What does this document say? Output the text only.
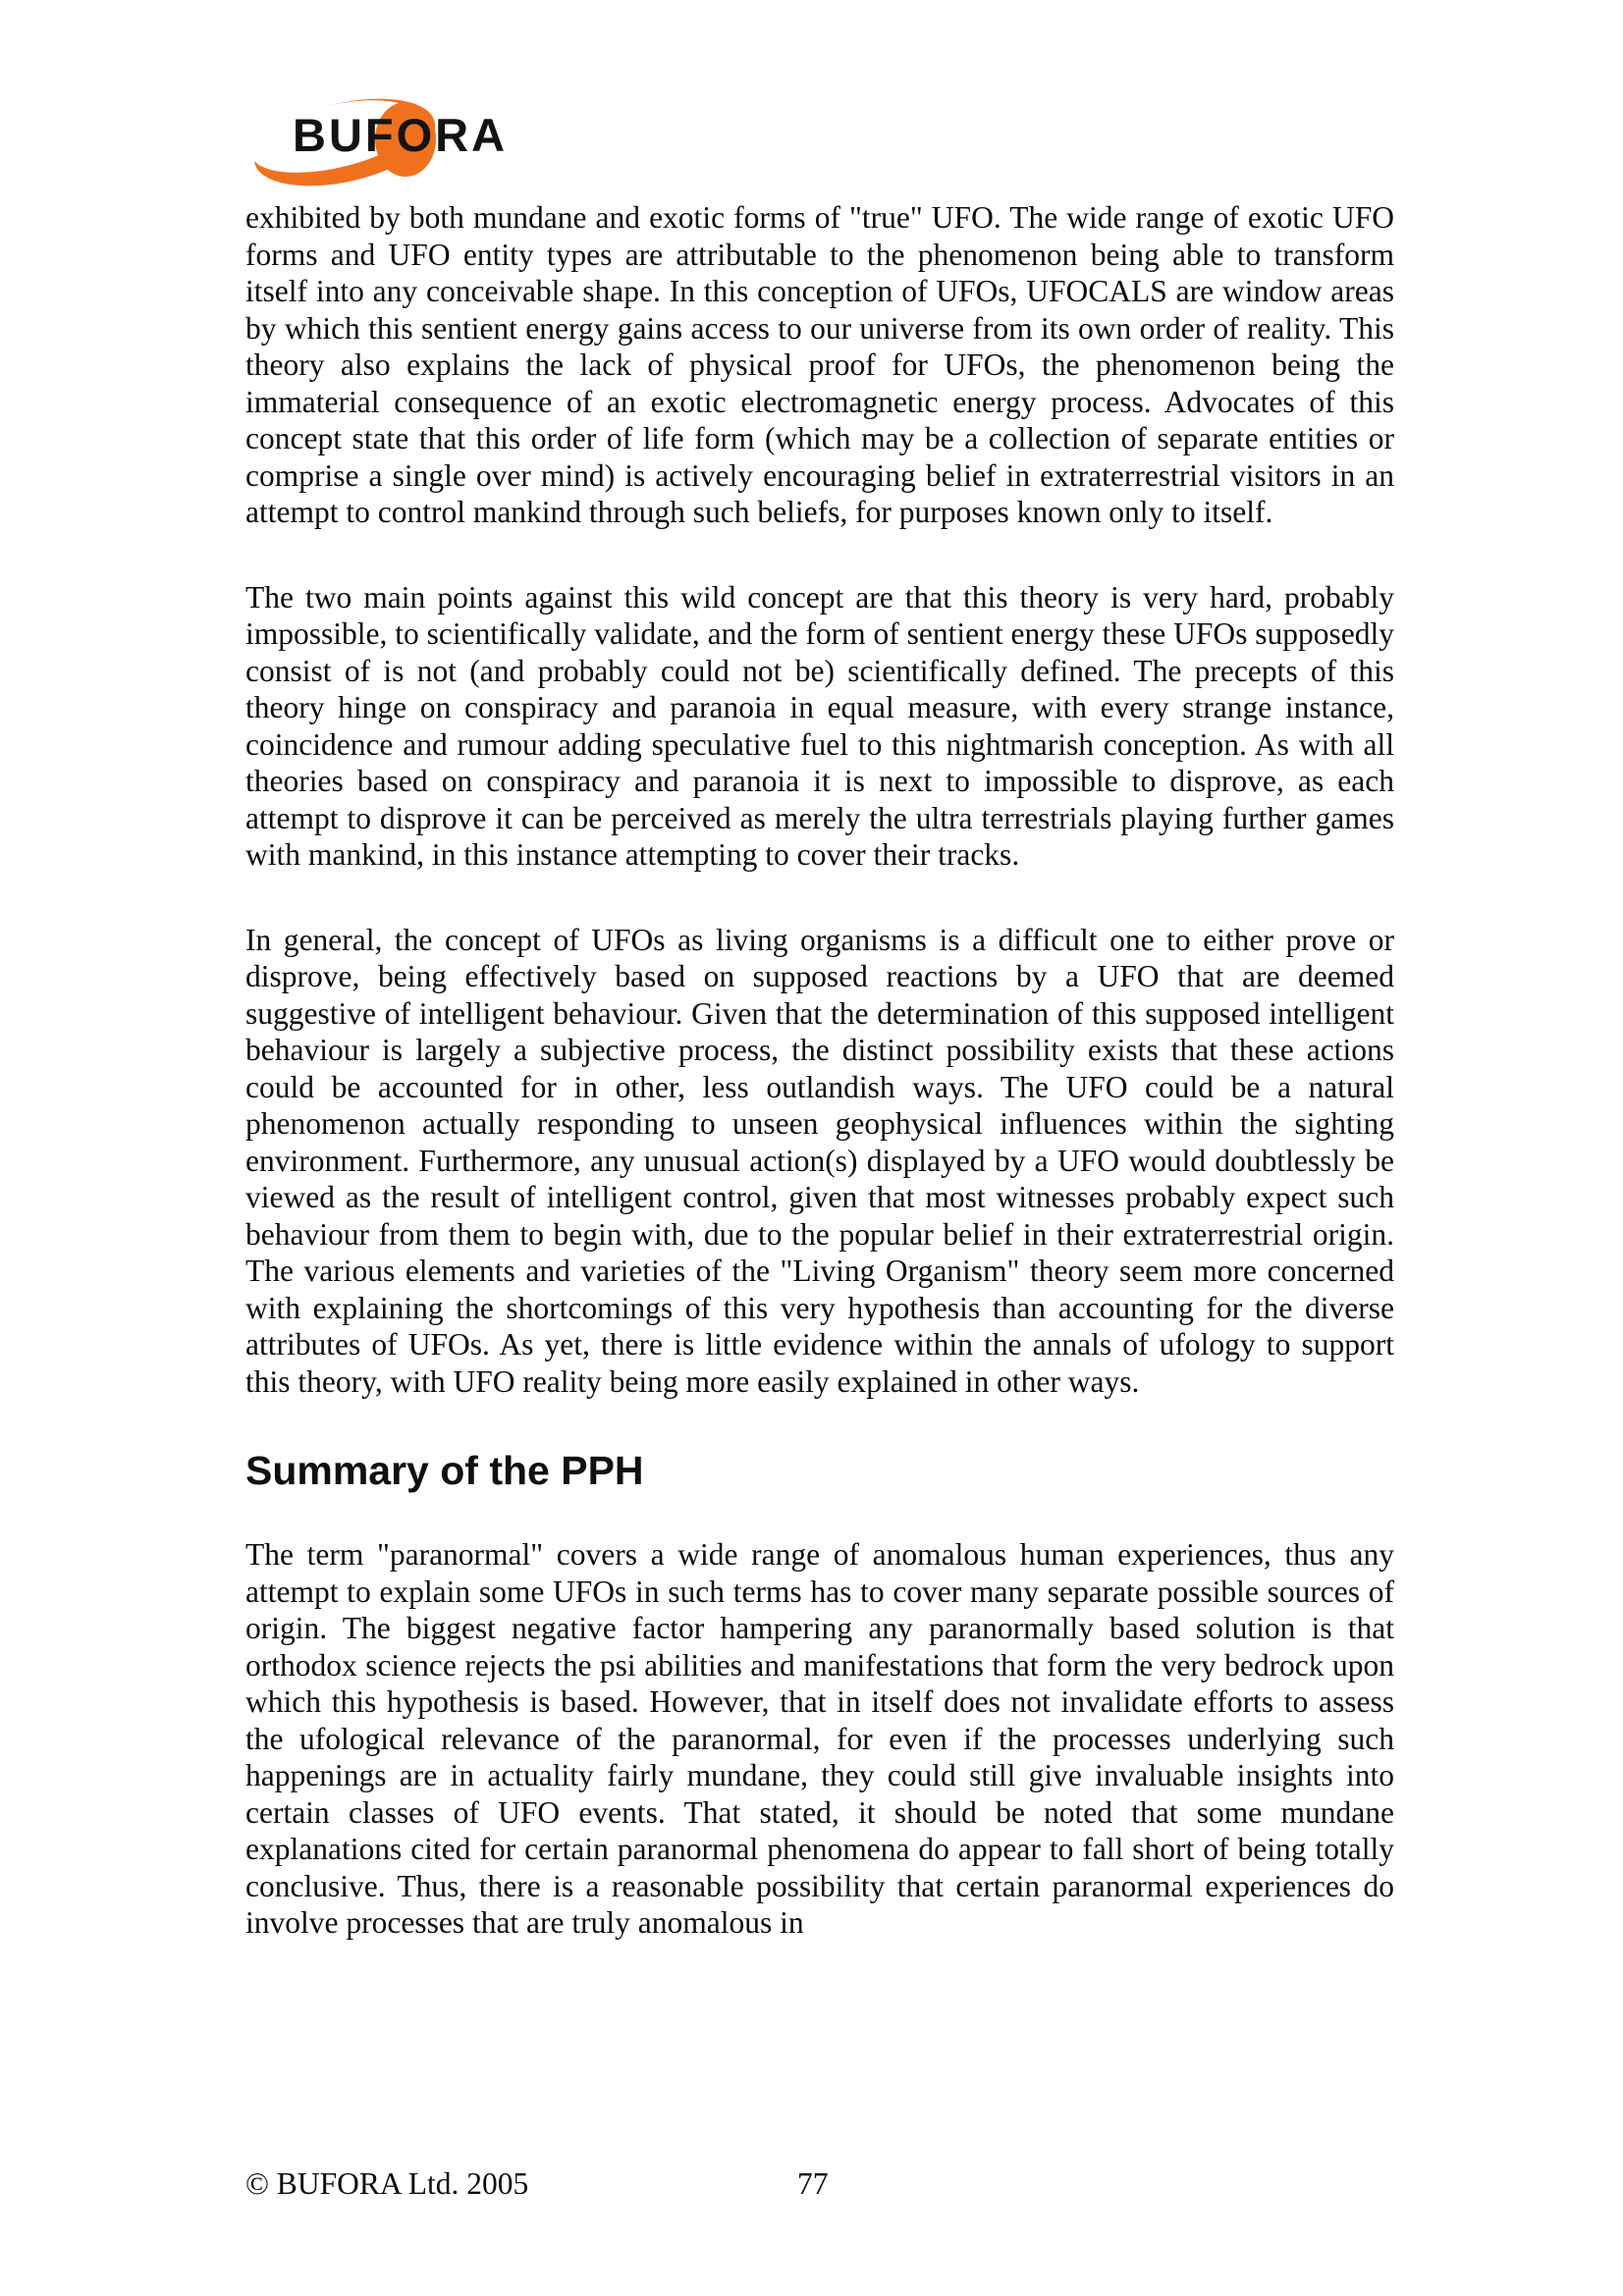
BUFORA

exhibited by both mundane and exotic forms of "true" UFO. The wide range of exotic UFO forms and UFO entity types are attributable to the phenomenon being able to transform itself into any conceivable shape. In this conception of UFOs, UFOCALS are window areas by which this sentient energy gains access to our universe from its own order of reality. This theory also explains the lack of physical proof for UFOs, the phenomenon being the immaterial consequence of an exotic electromagnetic energy process. Advocates of this concept state that this order of life form (which may be a collection of separate entities or comprise a single over mind) is actively encouraging belief in extraterrestrial visitors in an attempt to control mankind through such beliefs, for purposes known only to itself.

The two main points against this wild concept are that this theory is very hard, probably impossible, to scientifically validate, and the form of sentient energy these UFOs supposedly consist of is not (and probably could not be) scientifically defined. The precepts of this theory hinge on conspiracy and paranoia in equal measure, with every strange instance, coincidence and rumour adding speculative fuel to this nightmarish conception. As with all theories based on conspiracy and paranoia it is next to impossible to disprove, as each attempt to disprove it can be perceived as merely the ultra terrestrials playing further games with mankind, in this instance attempting to cover their tracks.

In general, the concept of UFOs as living organisms is a difficult one to either prove or disprove, being effectively based on supposed reactions by a UFO that are deemed suggestive of intelligent behaviour. Given that the determination of this supposed intelligent behaviour is largely a subjective process, the distinct possibility exists that these actions could be accounted for in other, less outlandish ways. The UFO could be a natural phenomenon actually responding to unseen geophysical influences within the sighting environment. Furthermore, any unusual action(s) displayed by a UFO would doubtlessly be viewed as the result of intelligent control, given that most witnesses probably expect such behaviour from them to begin with, due to the popular belief in their extraterrestrial origin. The various elements and varieties of the "Living Organism" theory seem more concerned with explaining the shortcomings of this very hypothesis than accounting for the diverse attributes of UFOs. As yet, there is little evidence within the annals of ufology to support this theory, with UFO reality being more easily explained in other ways.

Summary of the PPH

The term "paranormal" covers a wide range of anomalous human experiences, thus any attempt to explain some UFOs in such terms has to cover many separate possible sources of origin. The biggest negative factor hampering any paranormally based solution is that orthodox science rejects the psi abilities and manifestations that form the very bedrock upon which this hypothesis is based. However, that in itself does not invalidate efforts to assess the ufological relevance of the paranormal, for even if the processes underlying such happenings are in actuality fairly mundane, they could still give invaluable insights into certain classes of UFO events. That stated, it should be noted that some mundane explanations cited for certain paranormal phenomena do appear to fall short of being totally conclusive. Thus, there is a reasonable possibility that certain paranormal experiences do involve processes that are truly anomalous in

© BUFORA Ltd. 2005	77
